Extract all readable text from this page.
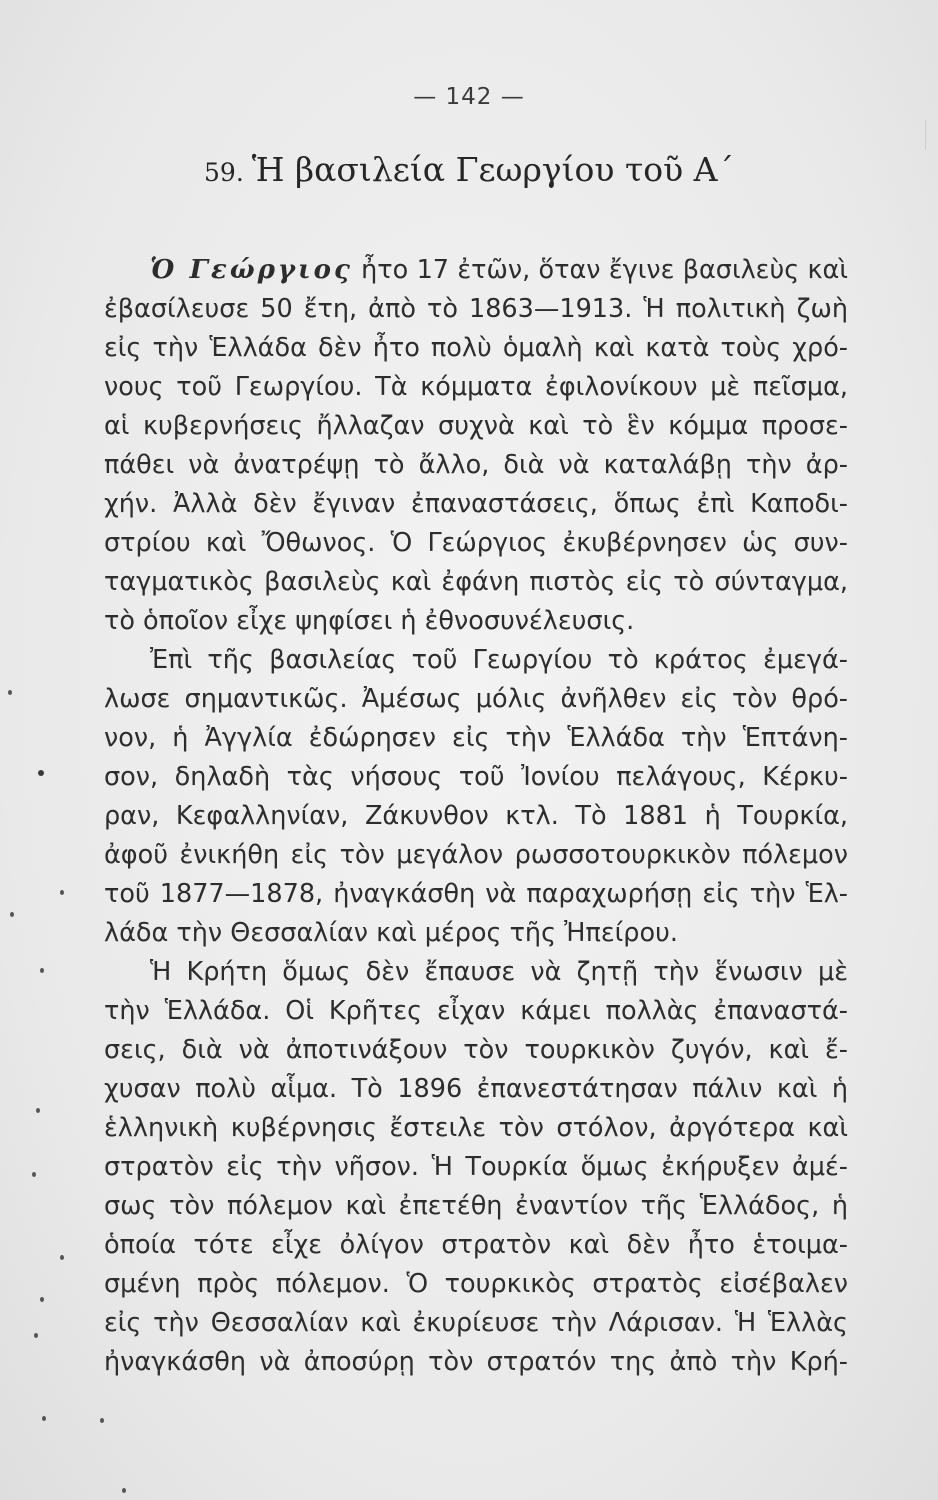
— 142 —
59. Ἡ βασιλεία Γεωργίου τοῦ Α΄
Ὁ Γεώργιος ἦτο 17 ἐτῶν, ὅταν ἔγινε βασιλεὺς καὶ
ἐβασίλευσε 50 ἔτη, ἀπὸ τὸ 1863—1913. Ἡ πολιτικὴ ζωὴ
εἰς τὴν Ἑλλάδα δὲν ἦτο πολὺ ὁμαλὴ καὶ κατὰ τοὺς χρό-
νους τοῦ Γεωργίου. Τὰ κόμματα ἐφιλονίκουν μὲ πεῖσμα,
αἱ κυβερνήσεις ἤλλαζαν συχνὰ καὶ τὸ ἓν κόμμα προσε-
πάθει νὰ ἀνατρέψῃ τὸ ἄλλο, διὰ νὰ καταλάβῃ τὴν ἀρ-
χήν. Ἀλλὰ δὲν ἔγιναν ἐπαναστάσεις, ὅπως ἐπὶ Καποδι-
στρίου καὶ Ὄθωνος. Ὁ Γεώργιος ἐκυβέρνησεν ὡς συν-
ταγματικὸς βασιλεὺς καὶ ἐφάνη πιστὸς εἰς τὸ σύνταγμα,
τὸ ὁποῖον εἶχε ψηφίσει ἡ ἐθνοσυνέλευσις.
Ἐπὶ τῆς βασιλείας τοῦ Γεωργίου τὸ κράτος ἐμεγά-
λωσε σημαντικῶς. Ἀμέσως μόλις ἀνῆλθεν εἰς τὸν θρό-
νον, ἡ Ἀγγλία ἐδώρησεν εἰς τὴν Ἑλλάδα τὴν Ἑπτάνη-
σον, δηλαδὴ τὰς νήσους τοῦ Ἰονίου πελάγους, Κέρκυ-
ραν, Κεφαλληνίαν, Ζάκυνθον κτλ. Τὸ 1881 ἡ Τουρκία,
ἀφοῦ ἐνικήθη εἰς τὸν μεγάλον ρωσσοτουρκικὸν πόλεμον
τοῦ 1877—1878, ἠναγκάσθη νὰ παραχωρήσῃ εἰς τὴν Ἑλ-
λάδα τὴν Θεσσαλίαν καὶ μέρος τῆς Ἠπείρου.
Ἡ Κρήτη ὅμως δὲν ἔπαυσε νὰ ζητῇ τὴν ἕνωσιν μὲ
τὴν Ἑλλάδα. Οἱ Κρῆτες εἶχαν κάμει πολλὰς ἐπαναστά-
σεις, διὰ νὰ ἀποτινάξουν τὸν τουρκικὸν ζυγόν, καὶ ἔ-
χυσαν πολὺ αἷμα. Τὸ 1896 ἐπανεστάτησαν πάλιν καὶ ἡ
ἑλληνικὴ κυβέρνησις ἔστειλε τὸν στόλον, ἀργότερα καὶ
στρατὸν εἰς τὴν νῆσον. Ἡ Τουρκία ὅμως ἐκήρυξεν ἀμέ-
σως τὸν πόλεμον καὶ ἐπετέθη ἐναντίον τῆς Ἑλλάδος, ἡ
ὁποία τότε εἶχε ὀλίγον στρατὸν καὶ δὲν ἦτο ἑτοιμα-
σμένη πρὸς πόλεμον. Ὁ τουρκικὸς στρατὸς εἰσέβαλεν
εἰς τὴν Θεσσαλίαν καὶ ἐκυρίευσε τὴν Λάρισαν. Ἡ Ἑλλὰς
ἠναγκάσθη νὰ ἀποσύρῃ τὸν στρατόν της ἀπὸ τὴν Κρή-
